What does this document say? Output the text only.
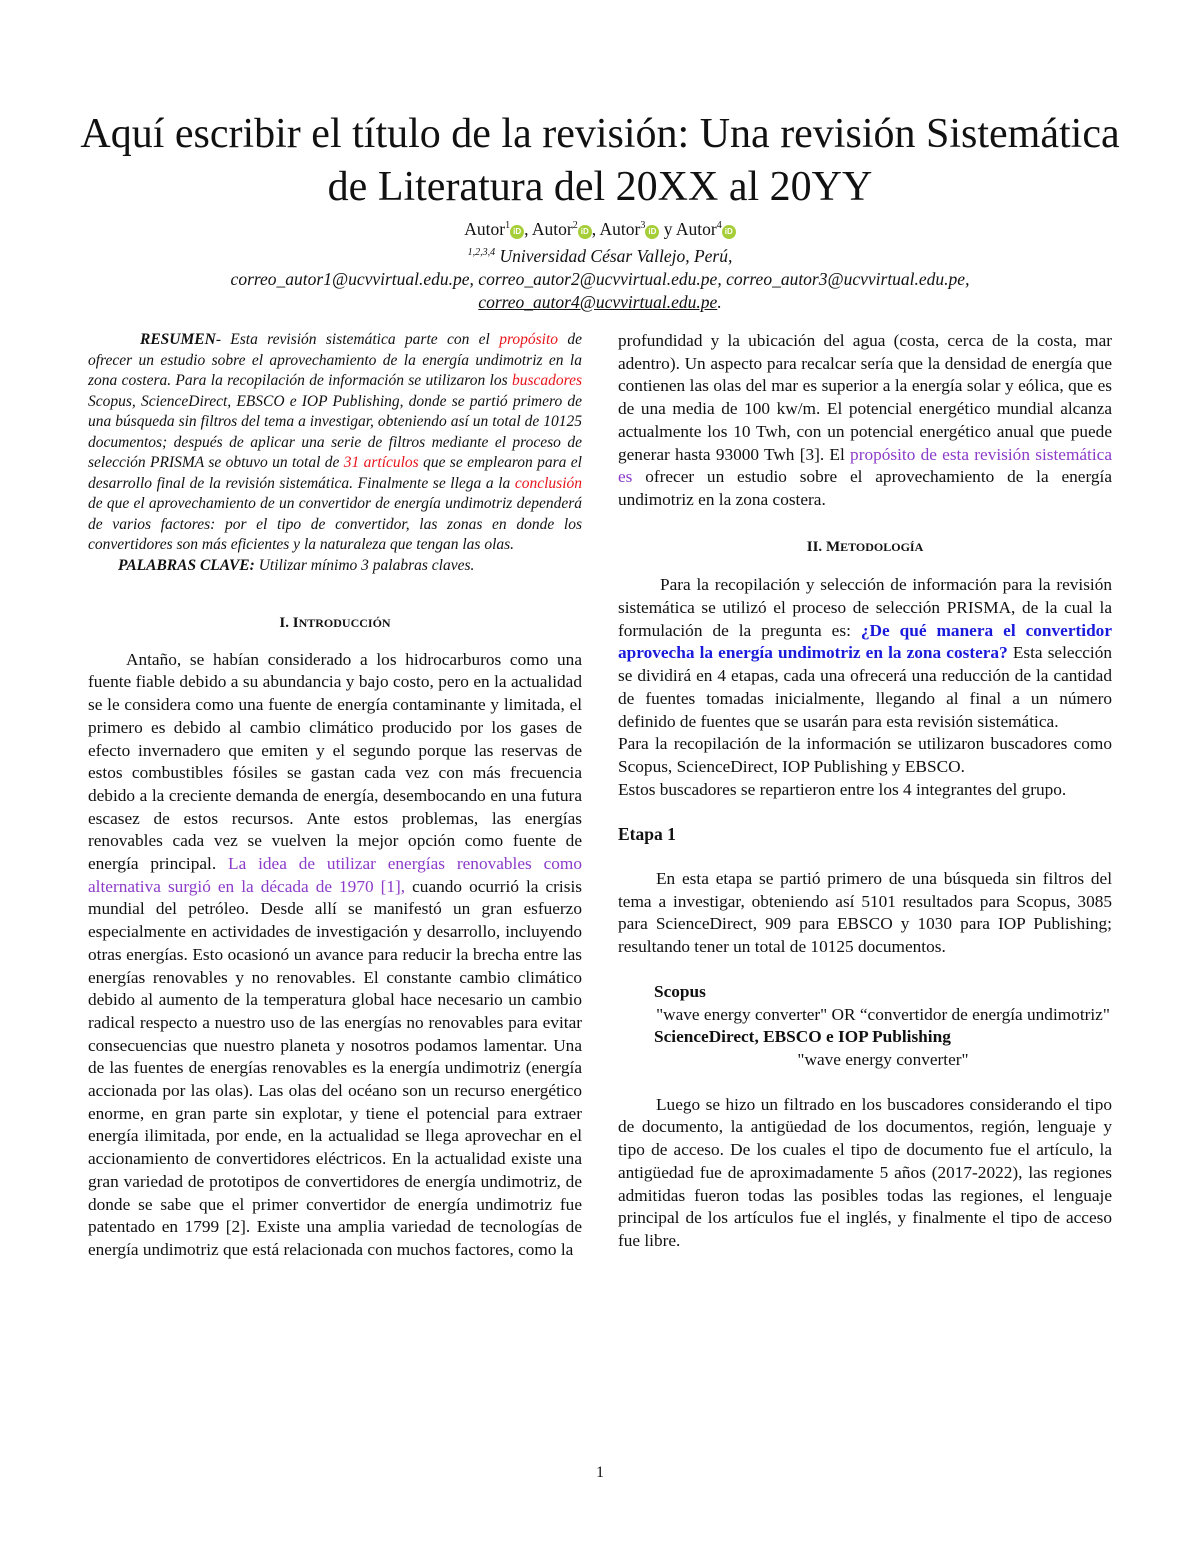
Aquí escribir el título de la revisión: Una revisión Sistemática de Literatura del 20XX al 20YY
Autor$^1$iD , Autor$^2$iD , Autor$^3$iD y Autor$^4$iD
$^{1,2,3,4}$ Universidad César Vallejo, Perú,
correo_autor1@ucvvirtual.edu.pe, correo_autor2@ucvvirtual.edu.pe, correo_autor3@ucvvirtual.edu.pe,
correo_autor4@ucvvirtual.edu.pe.

RESUMEN- Esta revisión sistemática parte con el propósito de ofrecer un estudio sobre el aprovechamiento de la energía undimotriz en la zona costera. Para la recopilación de información se utilizaron los buscadores Scopus, ScienceDirect, EBSCO e IOP Publishing, donde se partió primero de una búsqueda sin filtros del tema a investigar, obteniendo así un total de 10125 documentos; después de aplicar una serie de filtros mediante el proceso de selección PRISMA se obtuvo un total de 31 artículos que se emplearon para el desarrollo final de la revisión sistemática. Finalmente se llega a la conclusión de que el aprovechamiento de un convertidor de energía undimotriz dependerá de varios factores: por el tipo de convertidor, las zonas en donde los convertidores son más eficientes y la naturaleza que tengan las olas.

PALABRAS CLAVE: Utilizar mínimo 3 palabras claves.

I. INTRODUCCIÓN

Antaño, se habían considerado a los hidrocarburos como una fuente fiable debido a su abundancia y bajo costo, pero en la actualidad se le considera como una fuente de energía contaminante y limitada, el primero es debido al cambio climático producido por los gases de efecto invernadero que emiten y el segundo porque las reservas de estos combustibles fósiles se gastan cada vez con más frecuencia debido a la creciente demanda de energía, desembocando en una futura escasez de estos recursos. Ante estos problemas, las energías renovables cada vez se vuelven la mejor opción como fuente de energía principal. La idea de utilizar energías renovables como alternativa surgió en la década de 1970 [1], cuando ocurrió la crisis mundial del petróleo. Desde allí se manifestó un gran esfuerzo especialmente en actividades de investigación y desarrollo, incluyendo otras energías. Esto ocasionó un avance para reducir la brecha entre las energías renovables y no renovables. El constante cambio climático debido al aumento de la temperatura global hace necesario un cambio radical respecto a nuestro uso de las energías no renovables para evitar consecuencias que nuestro planeta y nosotros podamos lamentar. Una de las fuentes de energías renovables es la energía undimotriz (energía accionada por las olas). Las olas del océano son un recurso energético enorme, en gran parte sin explotar, y tiene el potencial para extraer energía ilimitada, por ende, en la actualidad se llega aprovechar en el accionamiento de convertidores eléctricos. En la actualidad existe una gran variedad de prototipos de convertidores de energía undimotriz, de donde se sabe que el primer convertidor de energía undimotriz fue patentado en 1799 [2]. Existe una amplia variedad de tecnologías de energía undimotriz que está relacionada con muchos factores, como la

profundidad y la ubicación del agua (costa, cerca de la costa, mar adentro). Un aspecto para recalcar sería que la densidad de energía que contienen las olas del mar es superior a la energía solar y eólica, que es de una media de 100 kw/m. El potencial energético mundial alcanza actualmente los 10 Twh, con un potencial energético anual que puede generar hasta 93000 Twh [3]. El propósito de esta revisión sistemática es ofrecer un estudio sobre el aprovechamiento de la energía undimotriz en la zona costera.

II. METODOLOGÍA

Para la recopilación y selección de información para la revisión sistemática se utilizó el proceso de selección PRISMA, de la cual la formulación de la pregunta es: ¿De qué manera el convertidor aprovecha la energía undimotriz en la zona costera? Esta selección se dividirá en 4 etapas, cada una ofrecerá una reducción de la cantidad de fuentes tomadas inicialmente, llegando al final a un número definido de fuentes que se usarán para esta revisión sistemática.

Para la recopilación de la información se utilizaron buscadores como Scopus, ScienceDirect, IOP Publishing y EBSCO.

Estos buscadores se repartieron entre los 4 integrantes del grupo.

Etapa 1

En esta etapa se partió primero de una búsqueda sin filtros del tema a investigar, obteniendo así 5101 resultados para Scopus, 3085 para ScienceDirect, 909 para EBSCO y 1030 para IOP Publishing; resultando tener un total de 10125 documentos.

Scopus

"wave energy converter" OR “convertidor de energía undimotriz"

ScienceDirect, EBSCO e IOP Publishing

"wave energy converter"

Luego se hizo un filtrado en los buscadores considerando el tipo de documento, la antigüedad de los documentos, región, lenguaje y tipo de acceso. De los cuales el tipo de documento fue el artículo, la antigüedad fue de aproximadamente 5 años (2017-2022), las regiones admitidas fueron todas las posibles todas las regiones, el lenguaje principal de los artículos fue el inglés, y finalmente el tipo de acceso fue libre.

1
